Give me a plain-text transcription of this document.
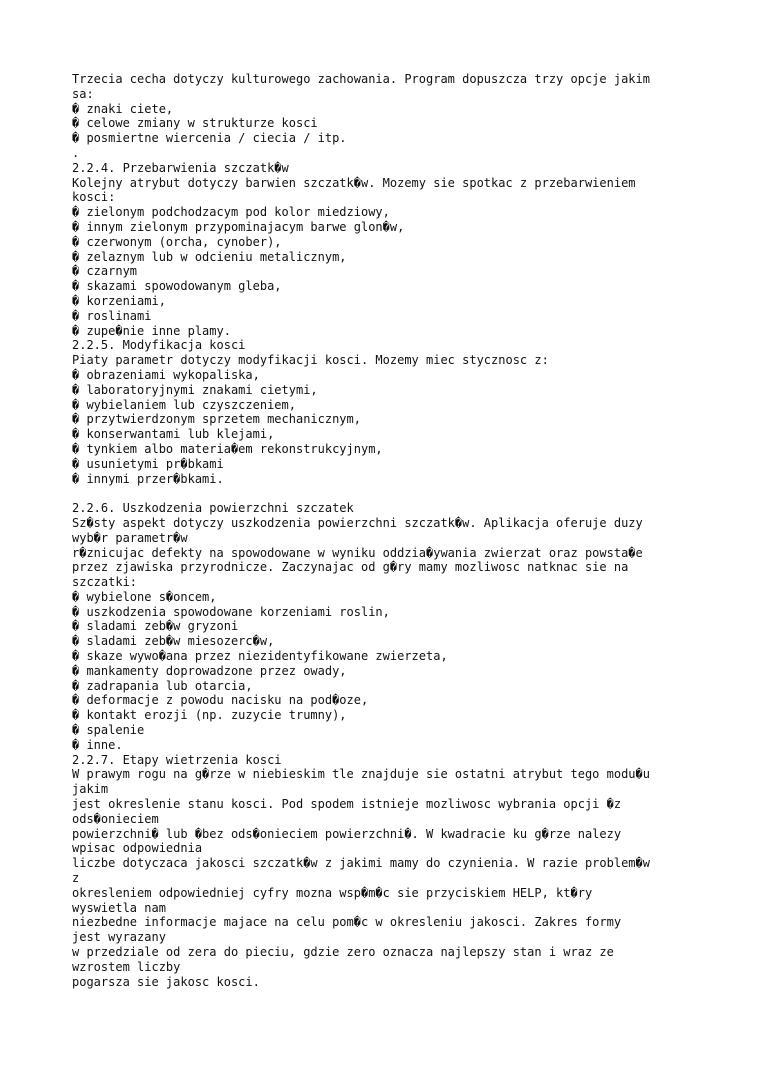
Trzecia cecha dotyczy kulturowego zachowania. Program dopuszcza trzy opcje jakim
sa:
� znaki ciete,
� celowe zmiany w strukturze kosci
� posmiertne wiercenia / ciecia / itp.
.
2.2.4. Przebarwienia szczatk�w
Kolejny atrybut dotyczy barwien szczatk�w. Mozemy sie spotkac z przebarwieniem
kosci:
� zielonym podchodzacym pod kolor miedziowy,
� innym zielonym przypominajacym barwe glon�w,
� czerwonym (orcha, cynober),
� zelaznym lub w odcieniu metalicznym,
� czarnym
� skazami spowodowanym gleba,
� korzeniami,
� roslinami
� zupe�nie inne plamy.
2.2.5. Modyfikacja kosci
Piaty parametr dotyczy modyfikacji kosci. Mozemy miec stycznosc z:
� obrazeniami wykopaliska,
� laboratoryjnymi znakami cietymi,
� wybielaniem lub czyszczeniem,
� przytwierdzonym sprzetem mechanicznym,
� konserwantami lub klejami,
� tynkiem albo materia�em rekonstrukcyjnym,
� usunietymi pr�bkami
� innymi przer�bkami.
2.2.6. Uszkodzenia powierzchni szczatek
Sz�sty aspekt dotyczy uszkodzenia powierzchni szczatk�w. Aplikacja oferuje duzy
wyb�r parametr�w
r�znicujac defekty na spowodowane w wyniku oddzia�ywania zwierzat oraz powsta�e
przez zjawiska przyrodnicze. Zaczynajac od g�ry mamy mozliwosc natknac sie na
szczatki:
� wybielone s�oncem,
� uszkodzenia spowodowane korzeniami roslin,
� sladami zeb�w gryzoni
� sladami zeb�w miesozerc�w,
� skaze wywo�ana przez niezidentyfikowane zwierzeta,
� mankamenty doprowadzone przez owady,
� zadrapania lub otarcia,
� deformacje z powodu nacisku na pod�oze,
� kontakt erozji (np. zuzycie trumny),
� spalenie
� inne.
2.2.7. Etapy wietrzenia kosci
W prawym rogu na g�rze w niebieskim tle znajduje sie ostatni atrybut tego modu�u
jakim
jest okreslenie stanu kosci. Pod spodem istnieje mozliwosc wybrania opcji �z
ods�onieciem
powierzchni� lub �bez ods�onieciem powierzchni�. W kwadracie ku g�rze nalezy
wpisac odpowiednia
liczbe dotyczaca jakosci szczatk�w z jakimi mamy do czynienia. W razie problem�w
z
okresleniem odpowiedniej cyfry mozna wsp�m�c sie przyciskiem HELP, kt�ry
wyswietla nam
niezbedne informacje majace na celu pom�c w okresleniu jakosci. Zakres formy
jest wyrazany
w przedziale od zera do pieciu, gdzie zero oznacza najlepszy stan i wraz ze
wzrostem liczby
pogarsza sie jakosc kosci.
